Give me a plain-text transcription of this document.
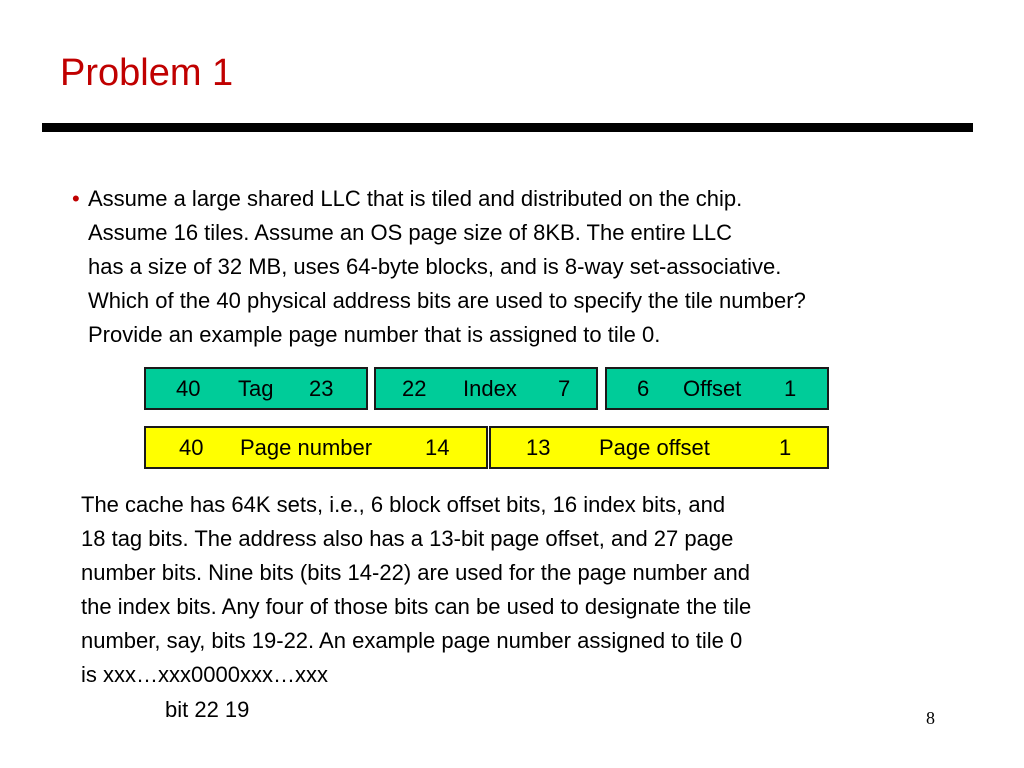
Problem 1
• Assume a large shared LLC that is tiled and distributed on the chip.
Assume 16 tiles. Assume an OS page size of 8KB. The entire LLC
has a size of 32 MB, uses 64-byte blocks, and is 8-way set-associative.
Which of the 40 physical address bits are used to specify the tile number?
Provide an example page number that is assigned to tile 0.
40 Tag 23	22 Index 7	6 Offset 1
40 Page number 14	13 Page offset	1
The cache has 64K sets, i.e., 6 block offset bits, 16 index bits, and
18 tag bits. The address also has a 13-bit page offset, and 27 page
number bits. Nine bits (bits 14-22) are used for the page number and
the index bits. Any four of those bits can be used to designate the tile
number, say, bits 19-22. An example page number assigned to tile 0
is xxx…xxx0000xxx…xxx
bit 22 19	8
